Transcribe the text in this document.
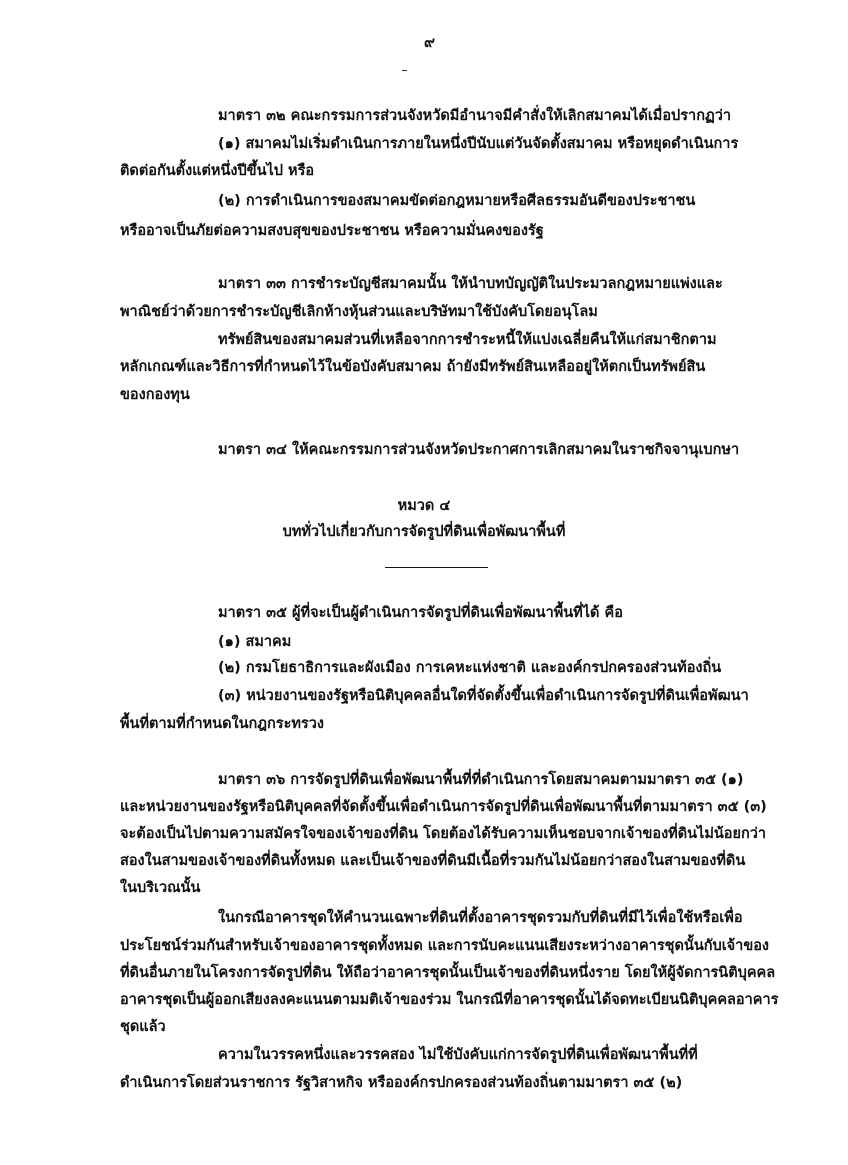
๙
มาตรา ๓๒ คณะกรรมการส่วนจังหวัดมีอำนาจมีคำสั่งให้เลิกสมาคมได้เมื่อปรากฏว่า
(๑) สมาคมไม่เริ่มดำเนินการภายในหนึ่งปีนับแต่วันจัดตั้งสมาคม หรือหยุดดำเนินการ
ติดต่อกันตั้งแต่หนึ่งปีขึ้นไป หรือ
(๒) การดำเนินการของสมาคมขัดต่อกฎหมายหรือศีลธรรมอันดีของประชาชน
หรืออาจเป็นภัยต่อความสงบสุขของประชาชน หรือความมั่นคงของรัฐ
มาตรา ๓๓ การชำระบัญชีสมาคมนั้น ให้นำบทบัญญัติในประมวลกฎหมายแพ่งและ
พาณิชย์ว่าด้วยการชำระบัญชีเลิกห้างหุ้นส่วนและบริษัทมาใช้บังคับโดยอนุโลม
ทรัพย์สินของสมาคมส่วนที่เหลือจากการชำระหนี้ให้แบ่งเฉลี่ยคืนให้แก่สมาชิกตาม
หลักเกณฑ์และวิธีการที่กำหนดไว้ในข้อบังคับสมาคม ถ้ายังมีทรัพย์สินเหลืออยู่ให้ตกเป็นทรัพย์สิน
ของกองทุน
มาตรา ๓๔ ให้คณะกรรมการส่วนจังหวัดประกาศการเลิกสมาคมในราชกิจจานุเบกษา
หมวด ๔
บททั่วไปเกี่ยวกับการจัดรูปที่ดินเพื่อพัฒนาพื้นที่
มาตรา ๓๕ ผู้ที่จะเป็นผู้ดำเนินการจัดรูปที่ดินเพื่อพัฒนาพื้นที่ได้ คือ
(๑) สมาคม
(๒) กรมโยธาธิการและผังเมือง การเคหะแห่งชาติ และองค์กรปกครองส่วนท้องถิ่น
(๓) หน่วยงานของรัฐหรือนิติบุคคลอื่นใดที่จัดตั้งขึ้นเพื่อดำเนินการจัดรูปที่ดินเพื่อพัฒนา
พื้นที่ตามที่กำหนดในกฎกระทรวง
มาตรา ๓๖ การจัดรูปที่ดินเพื่อพัฒนาพื้นที่ที่ดำเนินการโดยสมาคมตามมาตรา ๓๕ (๑)
และหน่วยงานของรัฐหรือนิติบุคคลที่จัดตั้งขึ้นเพื่อดำเนินการจัดรูปที่ดินเพื่อพัฒนาพื้นที่ตามมาตรา ๓๕ (๓)
จะต้องเป็นไปตามความสมัครใจของเจ้าของที่ดิน โดยต้องได้รับความเห็นชอบจากเจ้าของที่ดินไม่น้อยกว่า
สองในสามของเจ้าของที่ดินทั้งหมด และเป็นเจ้าของที่ดินมีเนื้อที่รวมกันไม่น้อยกว่าสองในสามของที่ดิน
ในบริเวณนั้น
ในกรณีอาคารชุดให้คำนวนเฉพาะที่ดินที่ตั้งอาคารชุดรวมกับที่ดินที่มีไว้เพื่อใช้หรือเพื่อ
ประโยชน์ร่วมกันสำหรับเจ้าของอาคารชุดทั้งหมด และการนับคะแนนเสียงระหว่างอาคารชุดนั้นกับเจ้าของ
ที่ดินอื่นภายในโครงการจัดรูปที่ดิน ให้ถือว่าอาคารชุดนั้นเป็นเจ้าของที่ดินหนึ่งราย โดยให้ผู้จัดการนิติบุคคล
อาคารชุดเป็นผู้ออกเสียงลงคะแนนตามมติเจ้าของร่วม ในกรณีที่อาคารชุดนั้นได้จดทะเบียนนิติบุคคลอาคาร
ชุดแล้ว
ความในวรรคหนึ่งและวรรคสอง ไม่ใช้บังคับแก่การจัดรูปที่ดินเพื่อพัฒนาพื้นที่ที่
ดำเนินการโดยส่วนราชการ รัฐวิสาหกิจ หรือองค์กรปกครองส่วนท้องถิ่นตามมาตรา ๓๕ (๒)
